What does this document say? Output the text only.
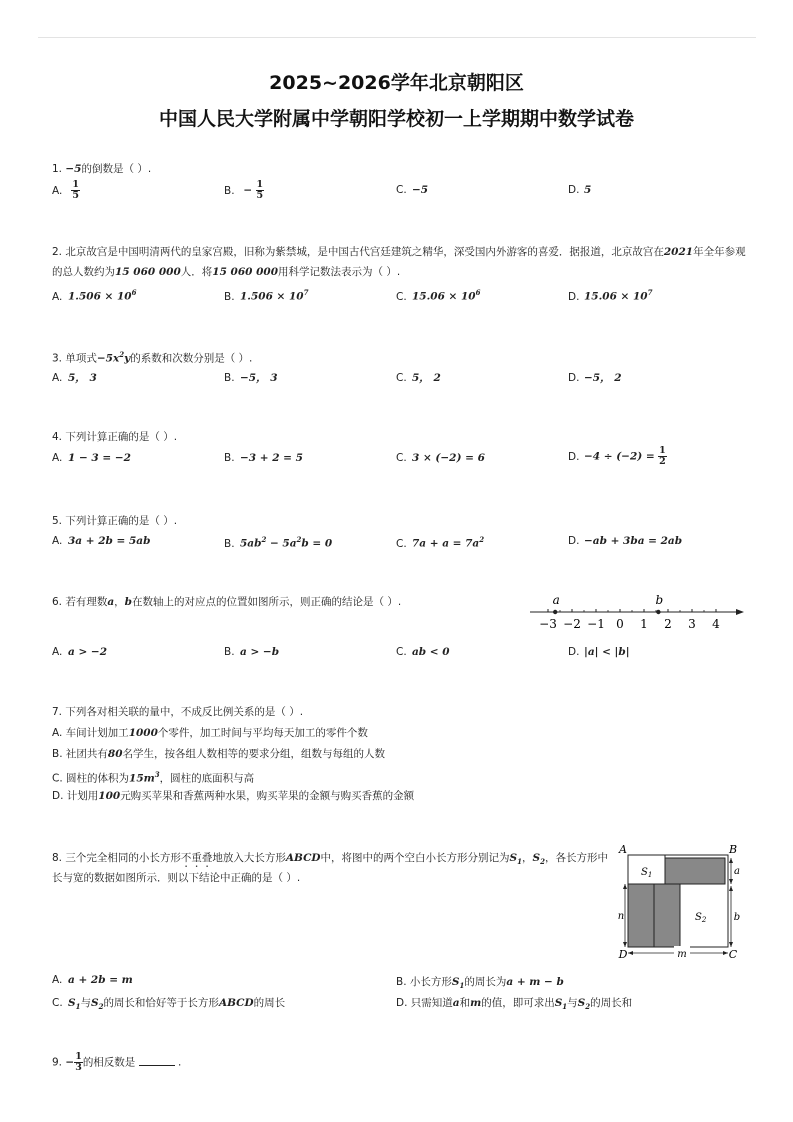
2025~2026学年北京朝阳区
中国人民大学附属中学朝阳学校初一上学期期中数学试卷
1. −5的倒数是（ ）.
A. $\frac{1}{5}$	B. − $\frac{1}{5}$	C. −5	D. 5
2. 北京故宫是中国明清两代的皇家宫殿，旧称为紫禁城，是中国古代宫廷建筑之精华，深受国内外游客的喜爱．据报道，北京故宫在2021年全年参观
的总人数约为15 060 000人．将15 060 000用科学记数法表示为（ ）.
A. $1.506 \times 10^6$	B. $1.506 \times 10^7$	C. $15.06 \times 10^6$	D. $15.06 \times 10^7$
3. 单项式$-5x^2y$的系数和次数分别是（ ）.
A. 5， 3	B. −5， 3	C. 5， 2	D. −5， 2
4. 下列计算正确的是（ ）.
A. 1 − 3 = −2	B. −3 + 2 = 5	C. 3 × (−2) = 6	D. $-4 \div (-2) = \frac{1}{2}$
5. 下列计算正确的是（ ）.
A. 3a + 2b = 5ab	B. $5ab^2 - 5a^2b = 0$	C. $7a + a = 7a^2$	D. −ab + 3ba = 2ab
6. 若有理数a，b在数轴上的对应点的位置如图所示，则正确的结论是（ ）.
−3 −2 −1 0 1 2 3 4
a	b
A. a > −2	B. a > −b	C. ab < 0	D. |a| < |b|
7. 下列各对相关联的量中，不成反比例关系的是（ ）.
A. 车间计划加工1000个零件，加工时间与平均每天加工的零件个数
B. 社团共有80名学生，按各组人数相等的要求分组，组数与每组的人数
C. 圆柱的体积为$15m^3$，圆柱的底面积与高
D. 计划用100元购买苹果和香蕉两种水果，购买苹果的金额与购买香蕉的金额
8. 三个完全相同的小长方形不重叠地放入大长方形ABCD中，将图中的两个空白小长方形分别记为$S_1$，$S_2$，各长方形中
长与宽的数据如图所示．则以下结论中正确的是（ ）.
A	B
C
D
$S_1$
$S_2$
a
b
n
m
A. a + 2b = m	B. 小长方形$S_1$的周长为a + m − b
C. $S_1$与$S_2$的周长和恰好等于长方形ABCD的周长	D. 只需知道a和m的值，即可求出$S_1$与$S_2$的周长和
9. − $\frac{1}{3}$ 的相反数是	.
